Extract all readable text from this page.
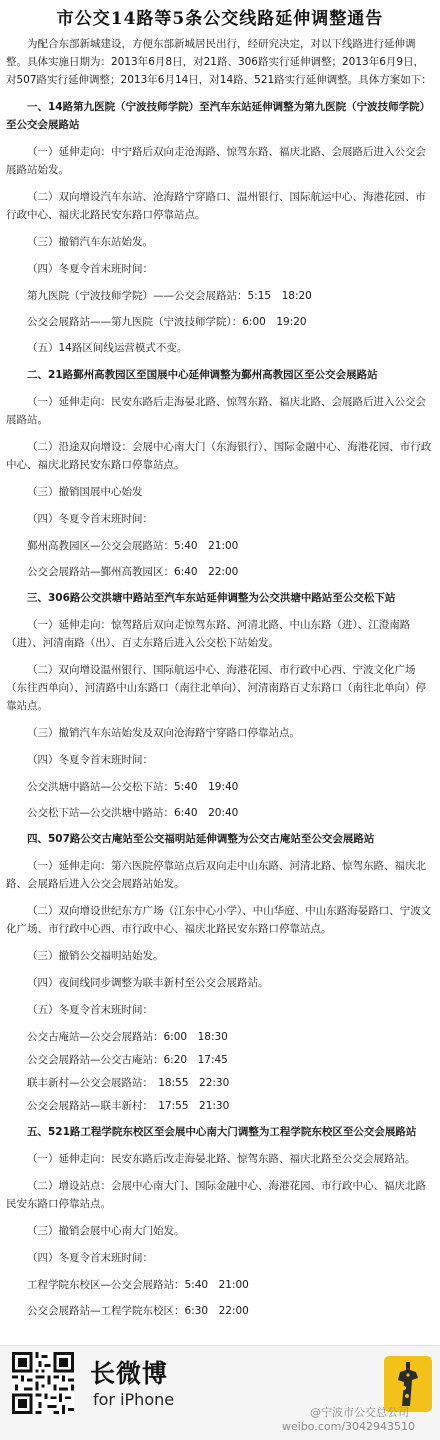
市公交14路等5条公交线路延伸调整通告

为配合东部新城建设，方便东部新城居民出行，经研究决定，对以下线路进行延伸调整。具体实施日期为：2013年6月8日，对21路、306路实行延伸调整；2013年6月9日，对507路实行延伸调整；2013年6月14日，对14路、521路实行延伸调整。具体方案如下：

一、14路第九医院（宁波技师学院）至汽车东站延伸调整为第九医院（宁波技师学院）至公交会展路站

（一）延伸走向：中宁路后双向走沧海路、惊驾东路、福庆北路、会展路后进入公交会展路站始发。

（二）双向增设汽车东站、沧海路宁穿路口、温州银行、国际航运中心、海港花园、市行政中心、福庆北路民安东路口停靠站点。

（三）撤销汽车东站始发。

（四）冬夏令首末班时间：

第九医院（宁波技师学院）——公交会展路站：5:15　18:20

公交会展路站——第九医院（宁波技师学院）：6:00　19:20

（五）14路区间线运营模式不变。

二、21路鄞州高教园区至国展中心延伸调整为鄞州高教园区至公交会展路站

（一）延伸走向：民安东路后走海晏北路、惊驾东路、福庆北路、会展路后进入公交会展路站。

（二）沿途双向增设：会展中心南大门（东海银行）、国际金融中心、海港花园、市行政中心、福庆北路民安东路口停靠站点。

（三）撤销国展中心始发

（四）冬夏令首末班时间：

鄞州高教园区—公交会展路站：5:40　21:00

公交会展路站—鄞州高教园区：6:40　22:00

三、306路公交洪塘中路站至汽车东站延伸调整为公交洪塘中路站至公交松下站

（一）延伸走向：惊驾路后双向走惊驾东路、河清北路、中山东路（进）、江澄南路（进）、河清南路（出）、百丈东路后进入公交松下站始发。

（二）双向增设温州银行、国际航运中心、海港花园、市行政中心西、宁波文化广场（东往西单向）、河清路中山东路口（南往北单向）、河清南路百丈东路口（南往北单向）停靠站点。

（三）撤销汽车东站始发及双向沧海路宁穿路口停靠站点。

（四）冬夏令首末班时间：

公交洪塘中路站—公交松下站：5:40　19:40

公交松下站—公交洪塘中路站：6:40　20:40

四、507路公交古庵站至公交福明站延伸调整为公交古庵站至公交会展路站

（一）延伸走向：第六医院停靠站点后双向走中山东路、河清北路、惊驾东路、福庆北路、会展路后进入公交会展路站始发。

（二）双向增设世纪东方广场（江东中心小学）、中山华庭、中山东路海晏路口、宁波文化广场、市行政中心西、市行政中心、福庆北路民安东路口停靠站点。

（三）撤销公交福明站始发。

（四）夜间线同步调整为联丰新村至公交会展路站。

（五）冬夏令首末班时间：

公交古庵站—公交会展路站：6:00　18:30

公交会展路站—公交古庵站：6:20　17:45

联丰新村—公交会展路站：　18:55　22:30

公交会展路站—联丰新村：　17:55　21:30

五、521路工程学院东校区至会展中心南大门调整为工程学院东校区至公交会展路站

（一）延伸走向：民安东路后改走海晏北路、惊驾东路、福庆北路至公交会展路站。

（二）增设站点：会展中心南大门、国际金融中心、海港花园、市行政中心、福庆北路民安东路口停靠站点。

（三）撤销会展中心南大门始发。

（四）冬夏令首末班时间：

工程学院东校区—公交会展路站：5:40　21:00

公交会展路站—工程学院东校区：6:30　22:00

长微博
for iPhone
@宁波市公交总公司
weibo.com/3042943510
